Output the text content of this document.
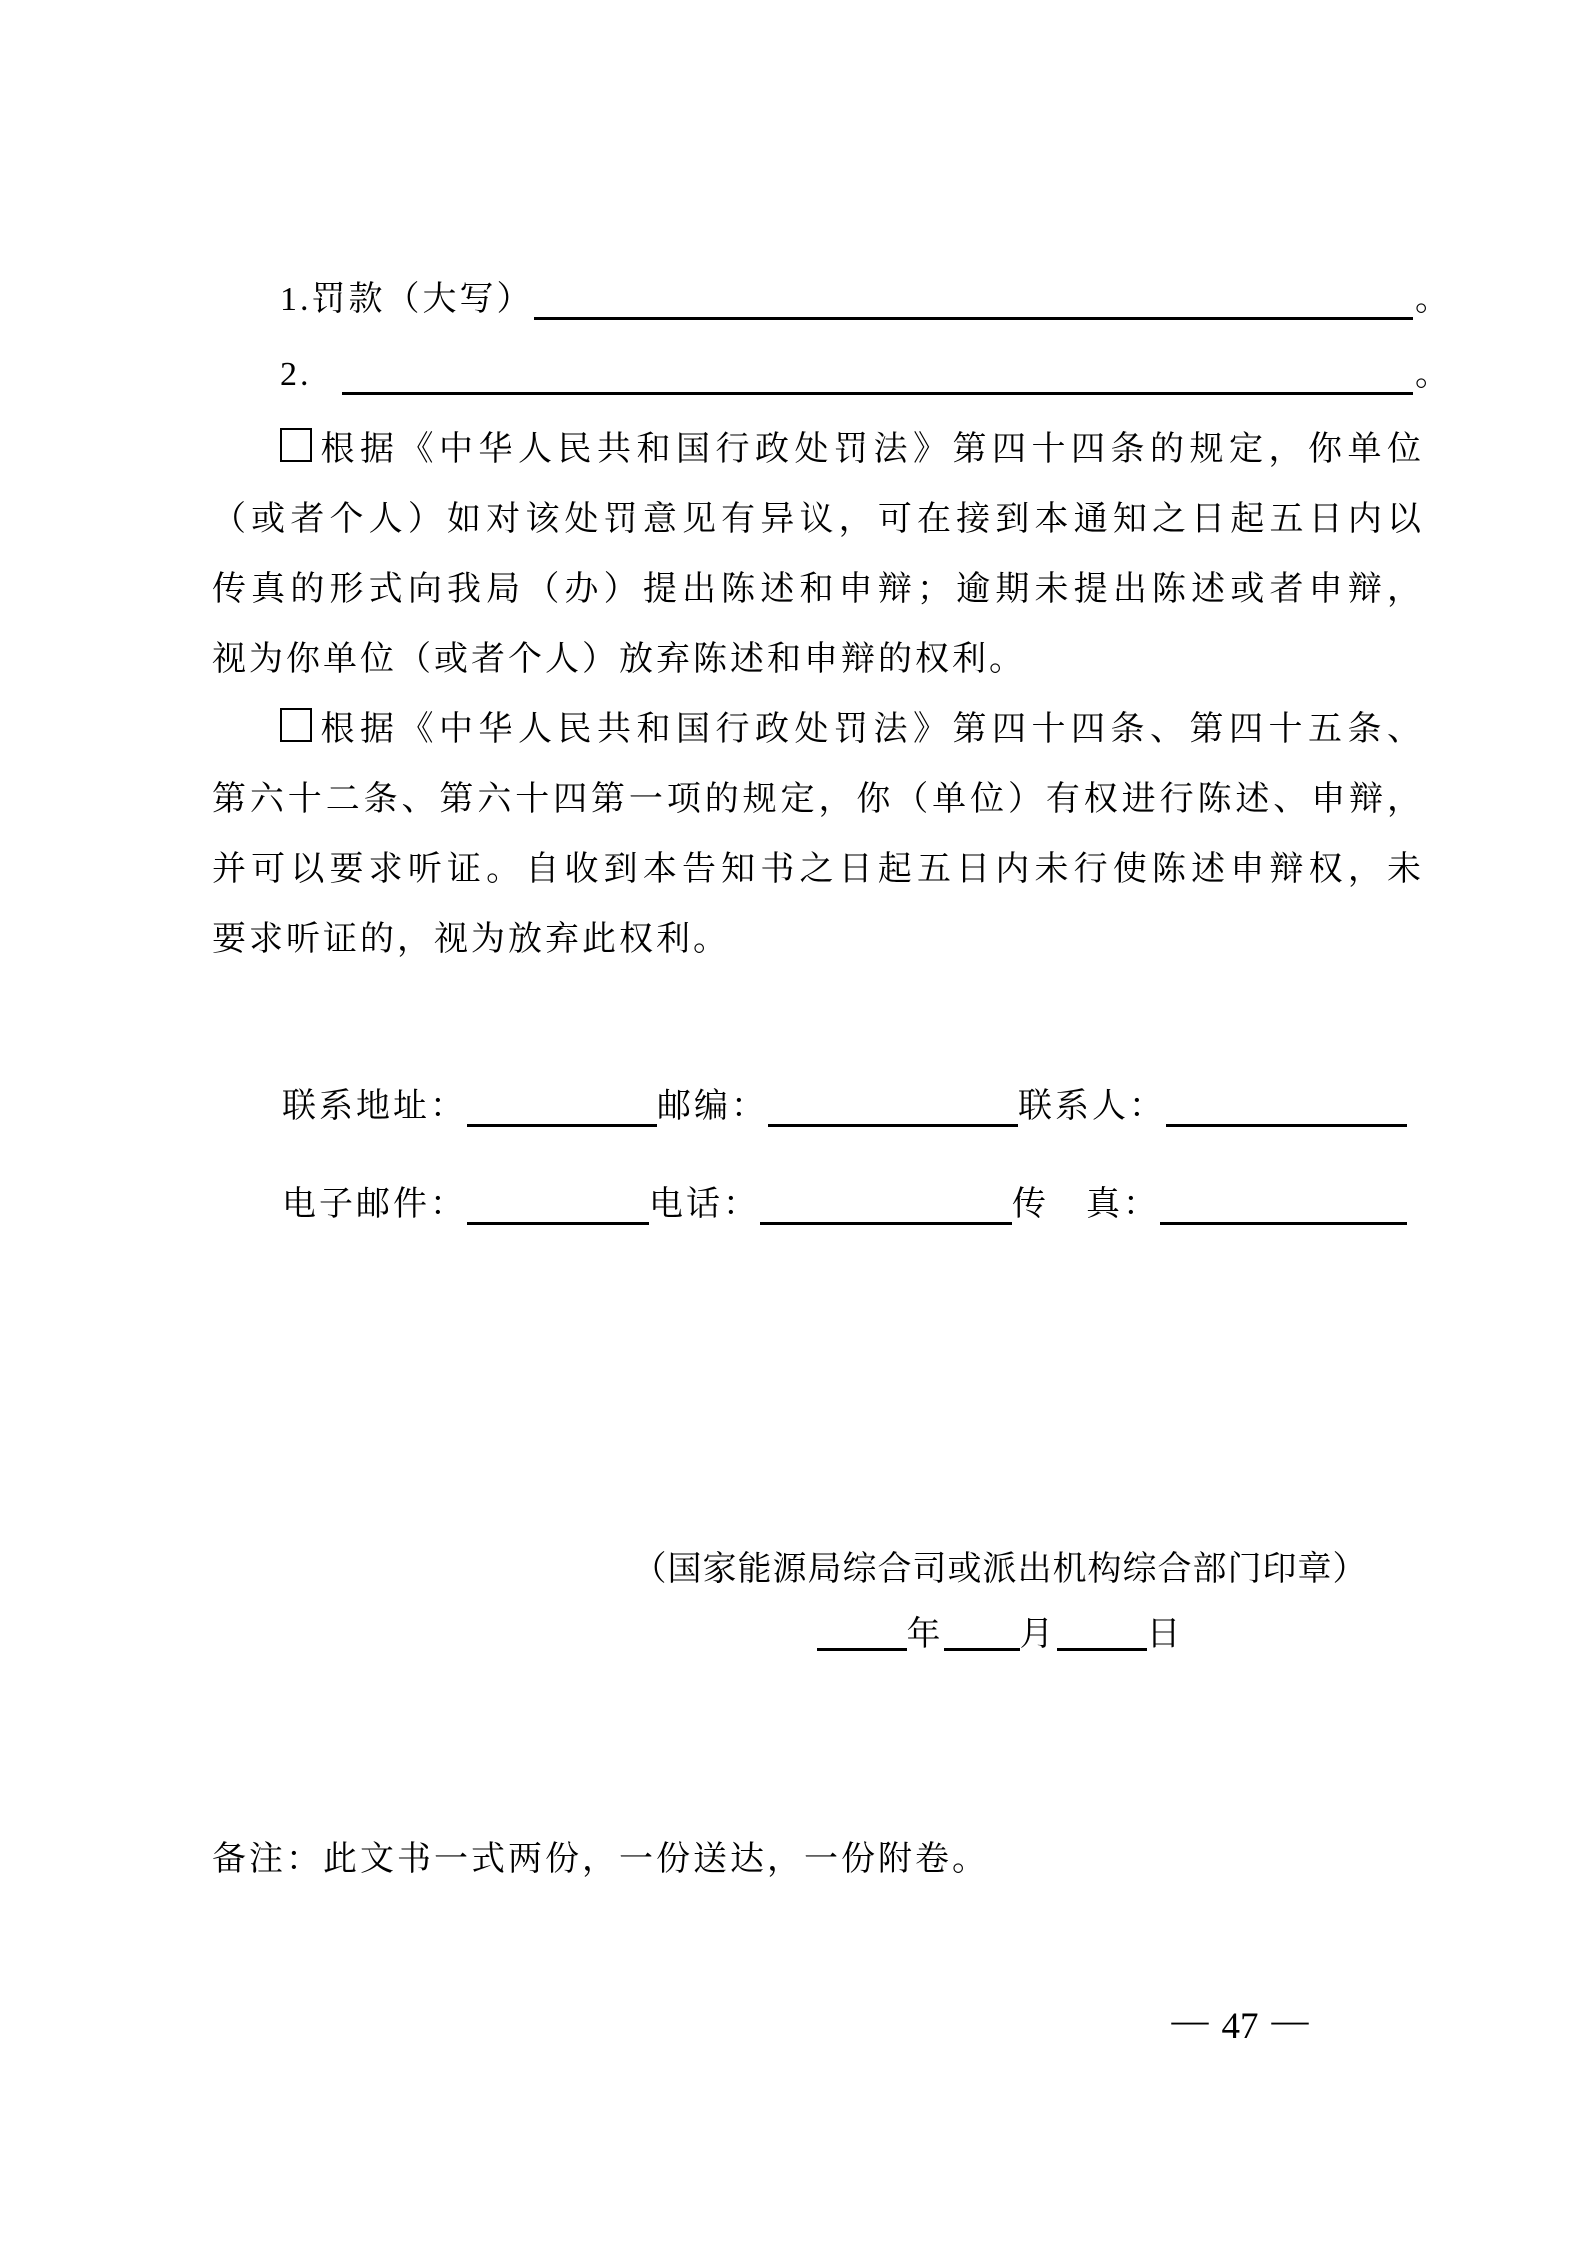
1.罚款（大写）	。
2.	。
根据《中华人民共和国行政处罚法》第四十四条的规定，你单位
（或者个人）如对该处罚意见有异议，可在接到本通知之日起五日内以
传真的形式向我局（办）提出陈述和申辩；逾期未提出陈述或者申辩，
视为你单位（或者个人）放弃陈述和申辩的权利。
根据《中华人民共和国行政处罚法》第四十四条、第四十五条、
第六十二条、第六十四第一项的规定，你（单位）有权进行陈述、申辩，
并可以要求听证。自收到本告知书之日起五日内未行使陈述申辩权，未
要求听证的，视为放弃此权利。
联系地址：	邮编：	联系人：
电子邮件：	电话：	传　真：
（国家能源局综合司或派出机构综合部门印章）
年 月	日
备注：此文书一式两份，一份送达，一份附卷。
— 47 —
